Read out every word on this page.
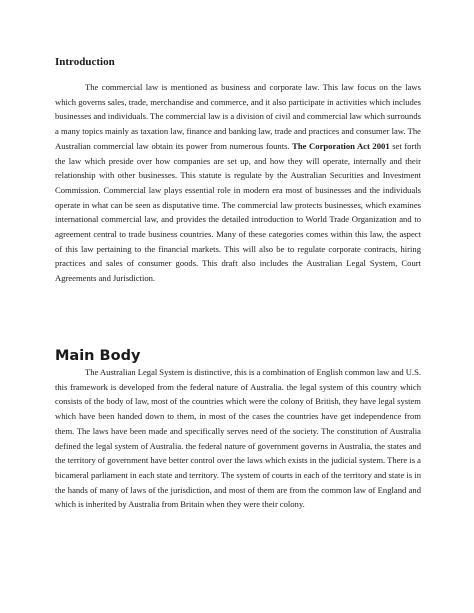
Introduction

The commercial law is mentioned as business and corporate law. This law focus on the laws which governs sales, trade, merchandise and commerce, and it also participate in activities which includes businesses and individuals. The commercial law is a division of civil and commercial law which surrounds a many topics mainly as taxation law, finance and banking law, trade and practices and consumer law. The Australian commercial law obtain its power from numerous founts. The Corporation Act 2001 set forth the law which preside over how companies are set up, and how they will operate, internally and their relationship with other businesses. This statute is regulate by the Australian Securities and Investment Commission. Commercial law plays essential role in modern era most of businesses and the individuals operate in what can be seen as disputative time. The commercial law protects businesses, which examines international commercial law, and provides the detailed introduction to World Trade Organization and to agreement central to trade business countries. Many of these categories comes within this law, the aspect of this law pertaining to the financial markets. This will also be to regulate corporate contracts, hiring practices and sales of consumer goods. This draft also includes the Australian Legal System, Court Agreements and Jurisdiction.

Main Body

The Australian Legal System is distinctive, this is a combination of English common law and U.S. this framework is developed from the federal nature of Australia. the legal system of this country which consists of the body of law, most of the countries which were the colony of British, they have legal system which have been handed down to them, in most of the cases the countries have get independence from them. The laws have been made and specifically serves need of the society. The constitution of Australia defined the legal system of Australia. the federal nature of government governs in Australia, the states and the territory of government have better control over the laws which exists in the judicial system. There is a bicameral parliament in each state and territory. The system of courts in each of the territory and state is in the hands of many of laws of the jurisdiction, and most of them are from the common law of England and which is inherited by Australia from Britain when they were their colony.
